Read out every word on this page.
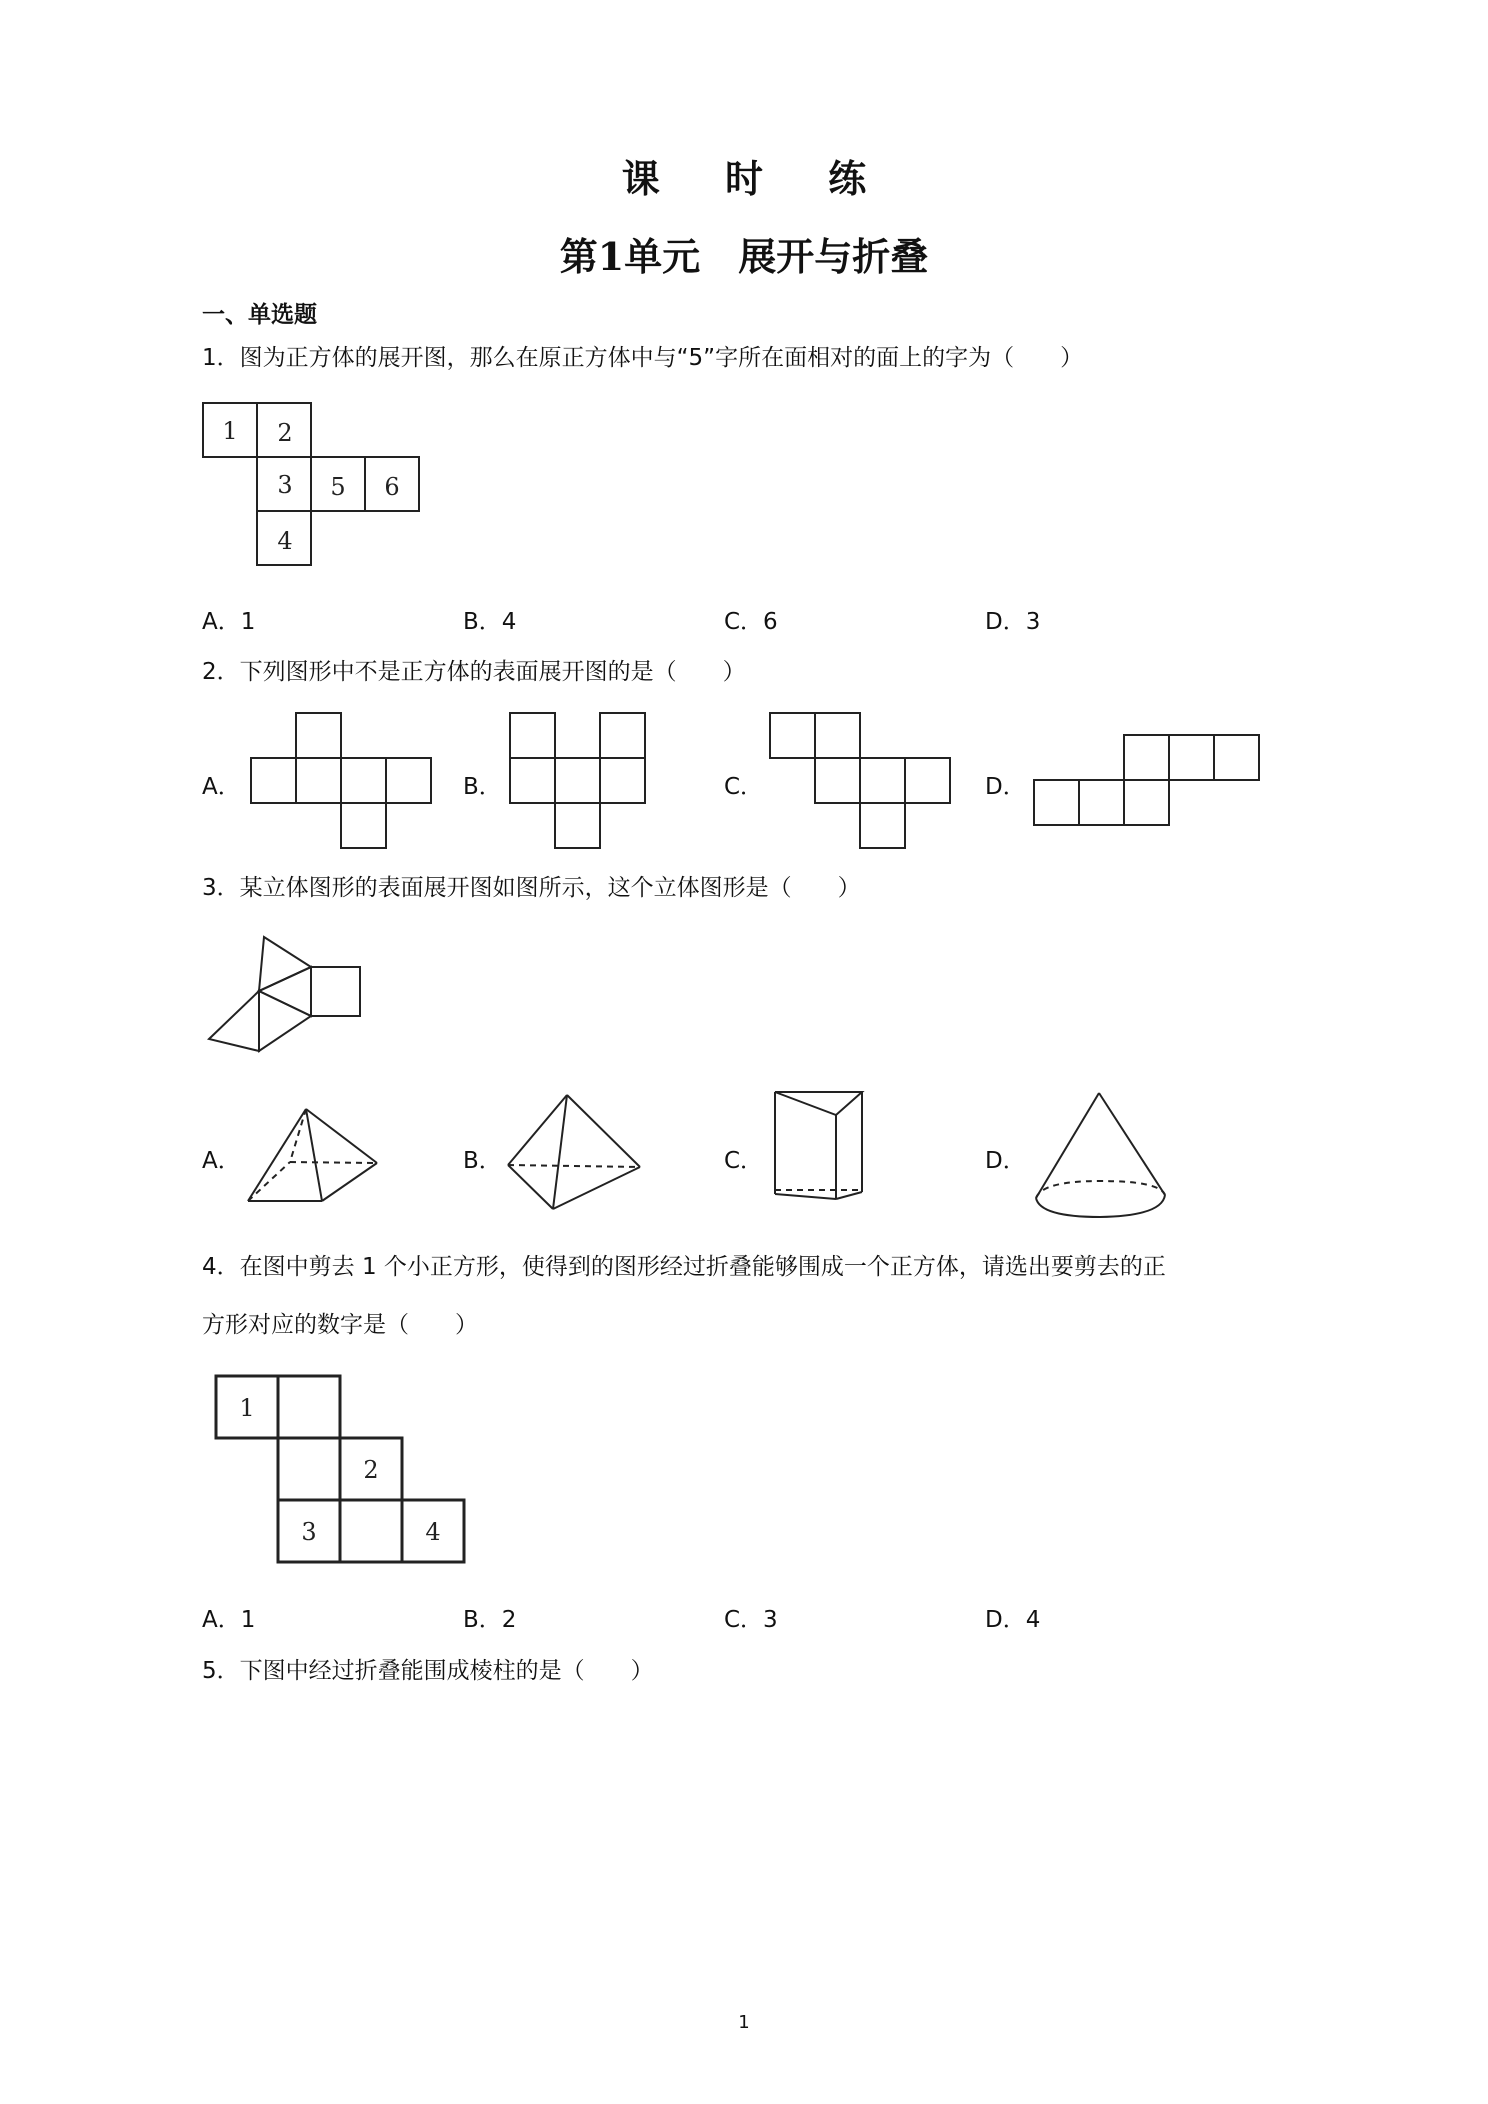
课 时 练
第1单元　展开与折叠
一、单选题
1．图为正方体的展开图，那么在原正方体中与“5”字所在面相对的面上的字为（　　）
1 2
3 5 6
4
A．1	B．4	C．6	D．3
2．下列图形中不是正方体的表面展开图的是（　　）
A．	B．	C．	D．
3．某立体图形的表面展开图如图所示，这个立体图形是（　　）
A．	B．	C．	D．
4．在图中剪去 1 个小正方形，使得到的图形经过折叠能够围成一个正方体，请选出要剪去的正
方形对应的数字是（　　）
1
2
3	4
A．1	B．2	C．3	D．4
5．下图中经过折叠能围成棱柱的是（　　）
1
